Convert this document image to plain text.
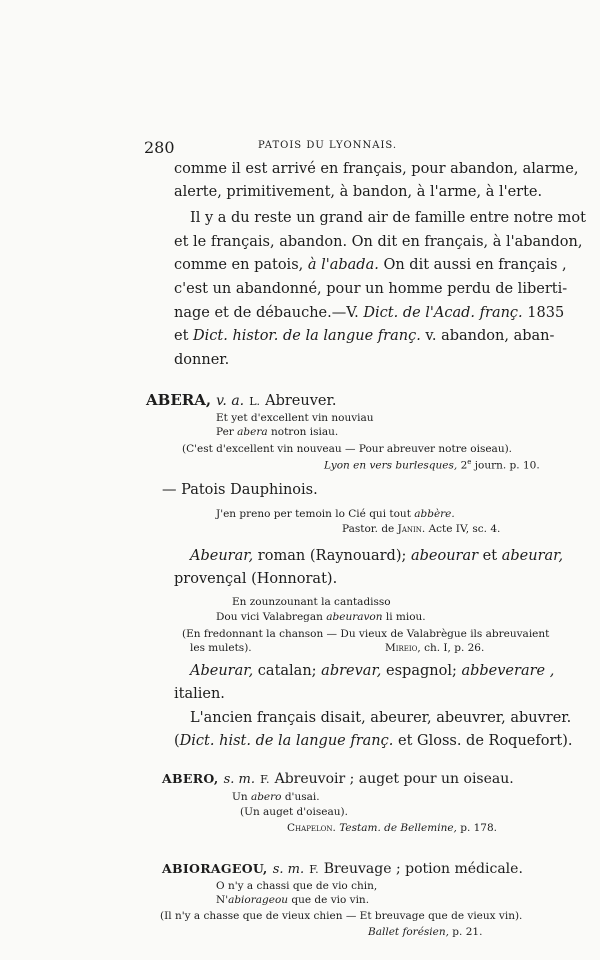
280	PATOIS DU LYONNAIS.
comme il est arrivé en français, pour abandon, alarme,
alerte, primitivement, à bandon, à l'arme, à l'erte.
Il y a du reste un grand air de famille entre notre mot
et le français, abandon. On dit en français, à l'abandon,
comme en patois, à l'abada. On dit aussi en français ,
c'est un abandonné, pour un homme perdu de liberti-
nage et de débauche.—V. Dict. de l'Acad. franç. 1835
et Dict. histor. de la langue franç. v. abandon, aban-
donner.
ABERA, v. a. L. Abreuver.
Et yet d'excellent vin nouviau
Per abera notron isiau.
(C'est d'excellent vin nouveau — Pour abreuver notre oiseau).
Lyon en vers burlesques, 2e journ. p. 10.
— Patois Dauphinois.
J'en preno per temoin lo Cié qui tout abbère.
Pastor. de Janin. Acte IV, sc. 4.
Abeurar, roman (Raynouard); abeourar et abeurar,
provençal (Honnorat).
En zounzounant la cantadisso
Dou vici Valabregan abeuravon li miou.
(En fredonnant la chanson — Du vieux de Valabrègue ils abreuvaient
les mulets).	Mireio, ch. I, p. 26.
Abeurar, catalan; abrevar, espagnol; abbeverare ,
italien.
L'ancien français disait, abeurer, abeuvrer, abuvrer.
(Dict. hist. de la langue franç. et Gloss. de Roquefort).
ABERO, s. m. F. Abreuvoir ; auget pour un oiseau.
Un abero d'usai.
(Un auget d'oiseau).
Chapelon. Testam. de Bellemine, p. 178.
ABIORAGEOU, s. m. F. Breuvage ; potion médicale.
O n'y a chassi que de vio chin,
N'abiorageou que de vio vin.
(Il n'y a chasse que de vieux chien — Et breuvage que de vieux vin).
Ballet forésien, p. 21.
